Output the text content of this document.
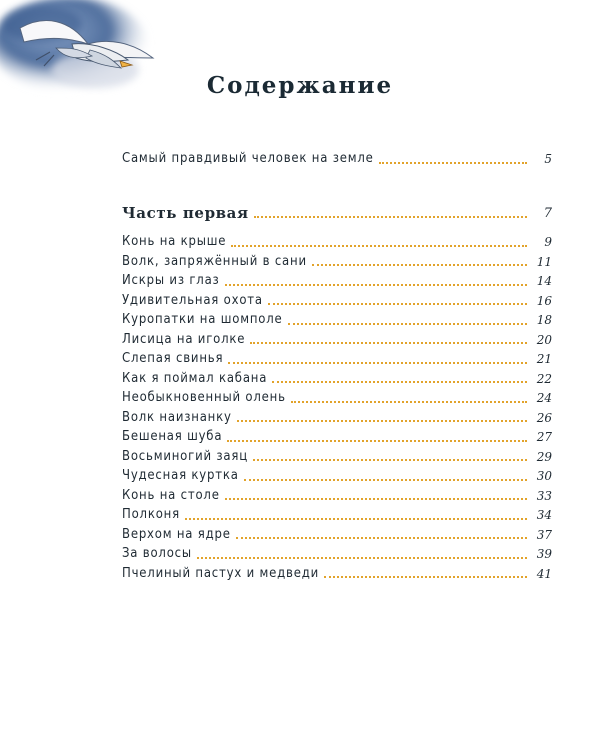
Содержание
Самый правдивый человек на земле	5
Часть первая	7
Конь на крыше	9
Волк, запряжённый в сани	11
Искры из глаз	14
Удивительная охота	16
Куропатки на шомполе	18
Лисица на иголке	20
Слепая свинья	21
Как я поймал кабана	22
Необыкновенный олень	24
Волк наизнанку	26
Бешеная шуба	27
Восьминогий заяц	29
Чудесная куртка	30
Конь на столе	33
Полконя	34
Верхом на ядре	37
За волосы	39
Пчелиный пастух и медведи	41
